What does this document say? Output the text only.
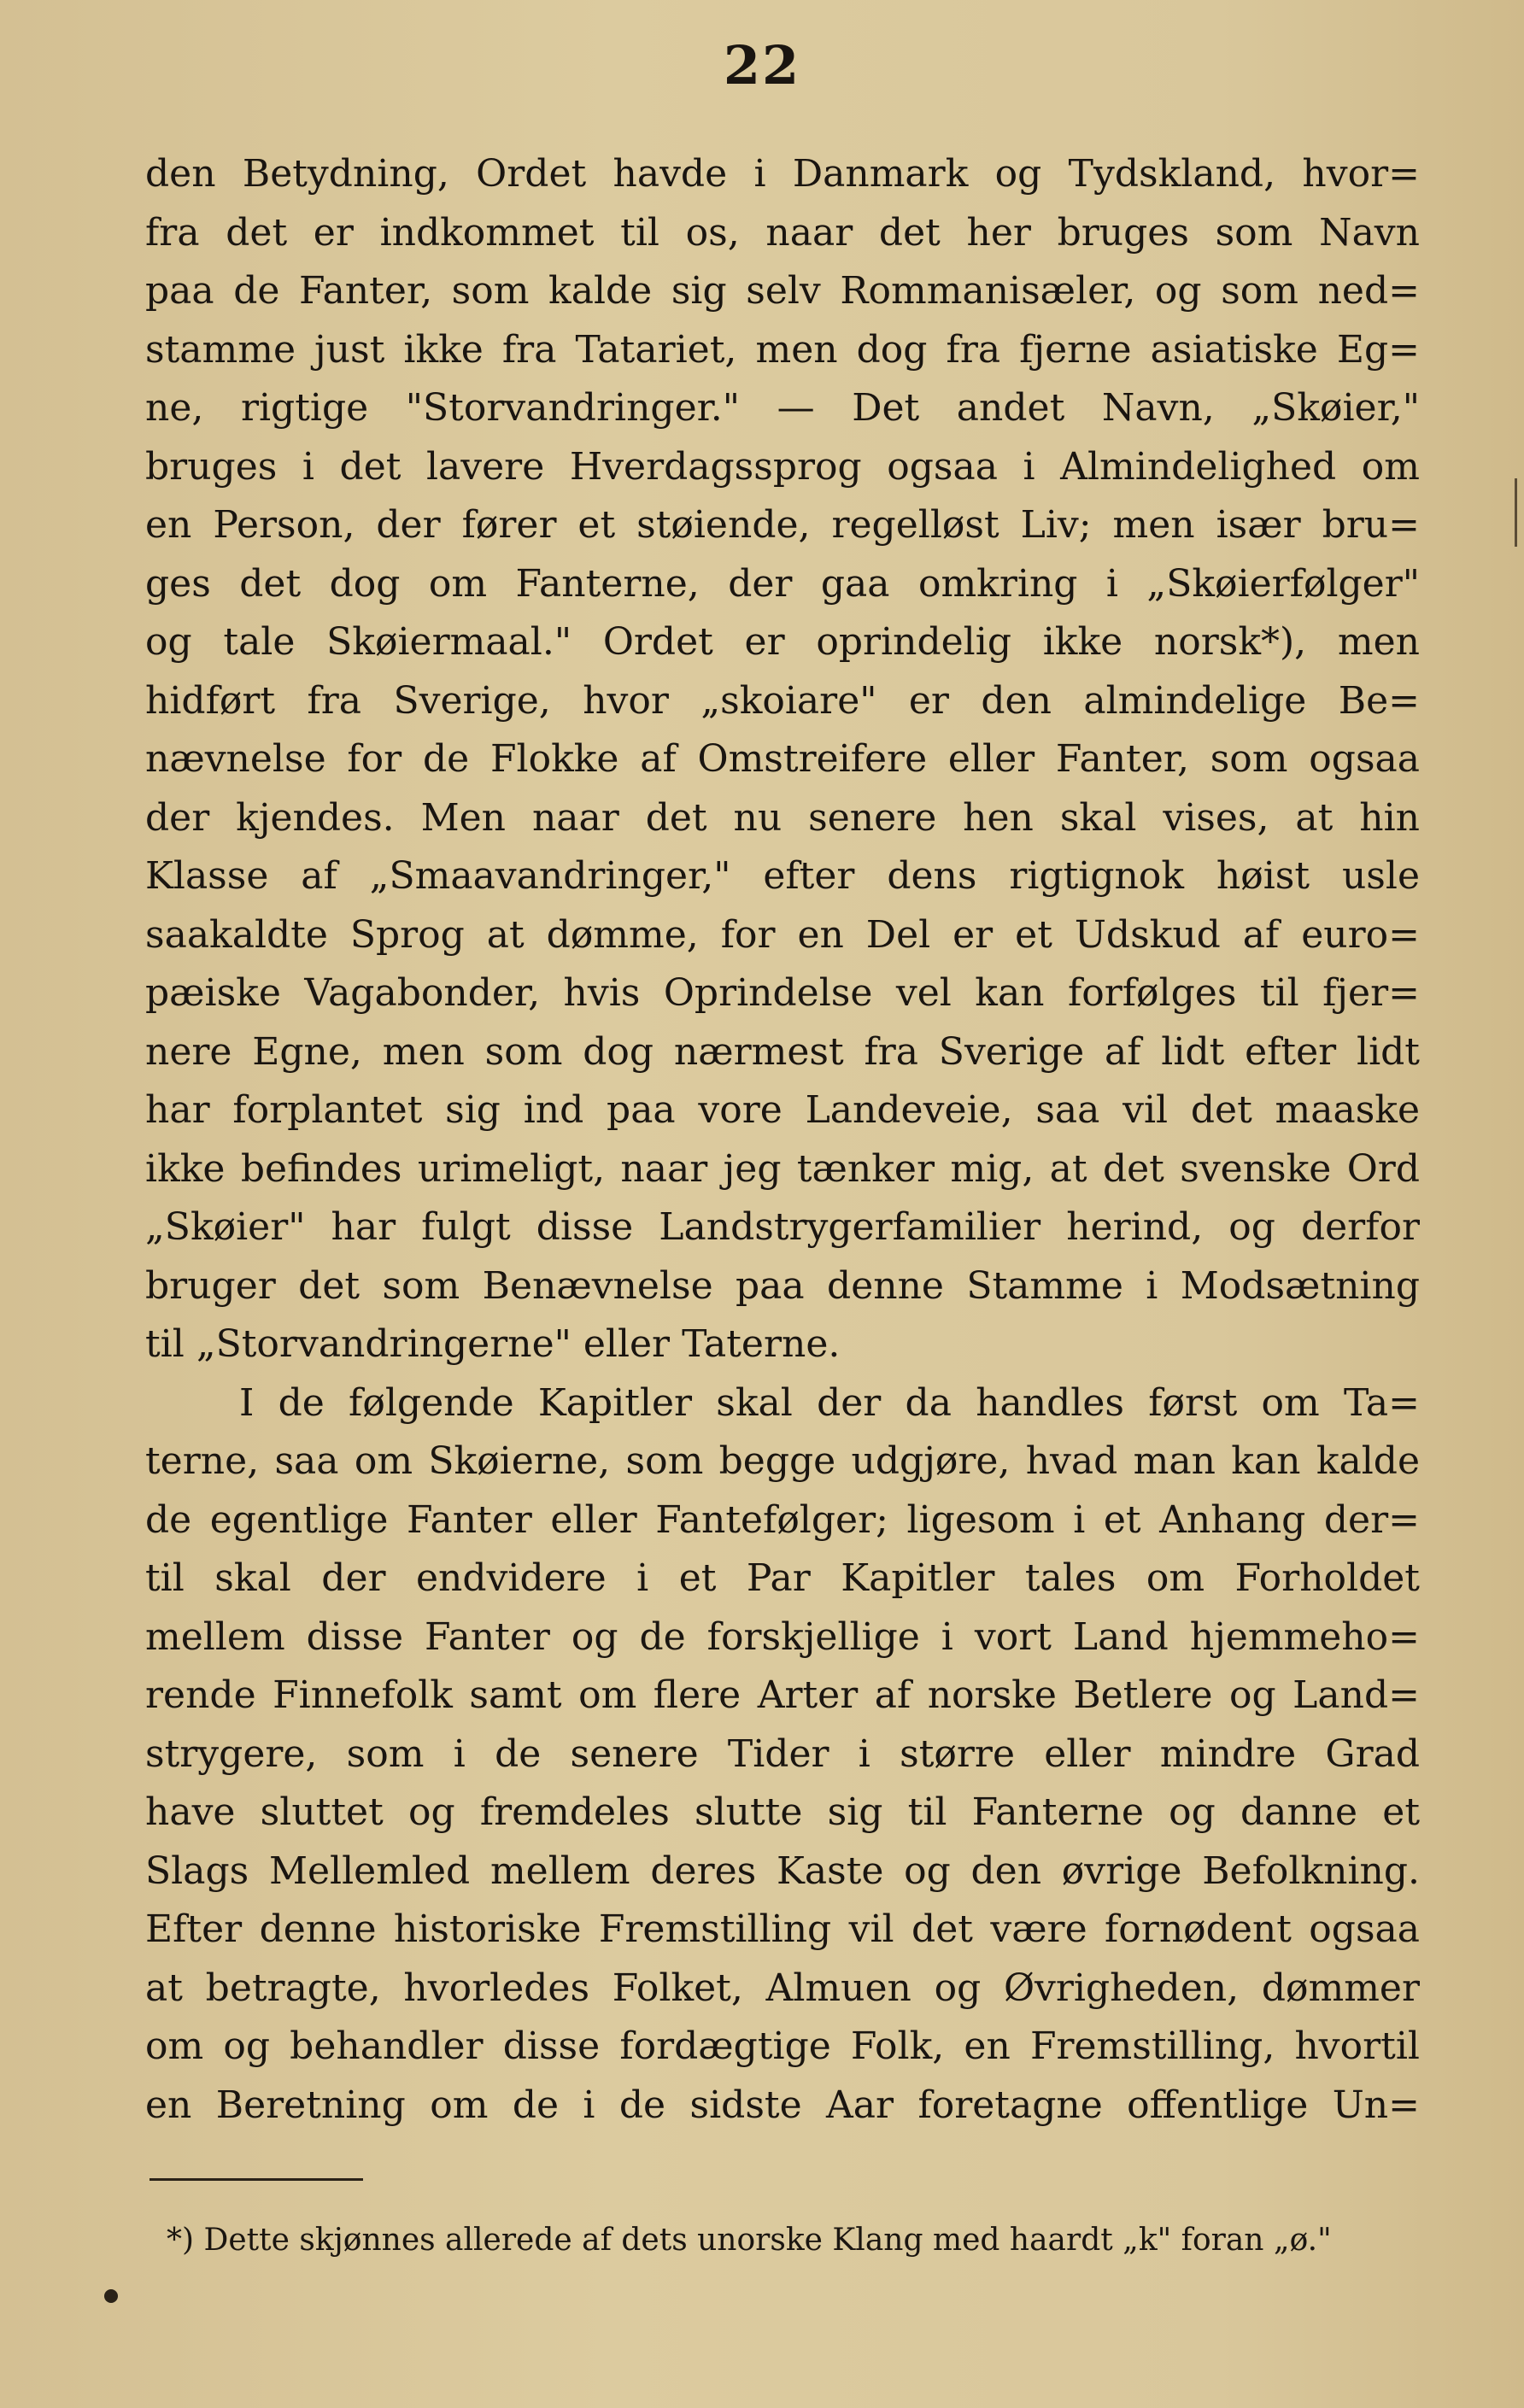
22
den Betydning, Ordet havde i Danmark og Tydskland, hvor=
fra det er indkommet til os, naar det her bruges som Navn
paa de Fanter, som kalde sig selv Rommanisæler, og som ned=
stamme just ikke fra Tatariet, men dog fra fjerne asiatiske Eg=
ne, rigtige "Storvandringer." — Det andet Navn, „Skøier,"
bruges i det lavere Hverdagssprog ogsaa i Almindelighed om
en Person, der fører et støiende, regelløst Liv; men især bru=
ges det dog om Fanterne, der gaa omkring i „Skøierfølger"
og tale Skøiermaal." Ordet er oprindelig ikke norsk*), men
hidført fra Sverige, hvor „skoiare" er den almindelige Be=
nævnelse for de Flokke af Omstreifere eller Fanter, som ogsaa
der kjendes. Men naar det nu senere hen skal vises, at hin
Klasse af „Smaavandringer," efter dens rigtignok høist usle
saakaldte Sprog at dømme, for en Del er et Udskud af euro=
pæiske Vagabonder, hvis Oprindelse vel kan forfølges til fjer=
nere Egne, men som dog nærmest fra Sverige af lidt efter lidt
har forplantet sig ind paa vore Landeveie, saa vil det maaske
ikke befindes urimeligt, naar jeg tænker mig, at det svenske Ord
„Skøier" har fulgt disse Landstrygerfamilier herind, og derfor
bruger det som Benævnelse paa denne Stamme i Modsætning
til „Storvandringerne" eller Taterne.
I de følgende Kapitler skal der da handles først om Ta=
terne, saa om Skøierne, som begge udgjøre, hvad man kan kalde
de egentlige Fanter eller Fantefølger; ligesom i et Anhang der=
til skal der endvidere i et Par Kapitler tales om Forholdet
mellem disse Fanter og de forskjellige i vort Land hjemmeho=
rende Finnefolk samt om flere Arter af norske Betlere og Land=
strygere, som i de senere Tider i større eller mindre Grad
have sluttet og fremdeles slutte sig til Fanterne og danne et
Slags Mellemled mellem deres Kaste og den øvrige Befolkning.
Efter denne historiske Fremstilling vil det være fornødent ogsaa
at betragte, hvorledes Folket, Almuen og Øvrigheden, dømmer
om og behandler disse fordægtige Folk, en Fremstilling, hvortil
en Beretning om de i de sidste Aar foretagne offentlige Un=
*) Dette skjønnes allerede af dets unorske Klang med haardt „k" foran „ø."
